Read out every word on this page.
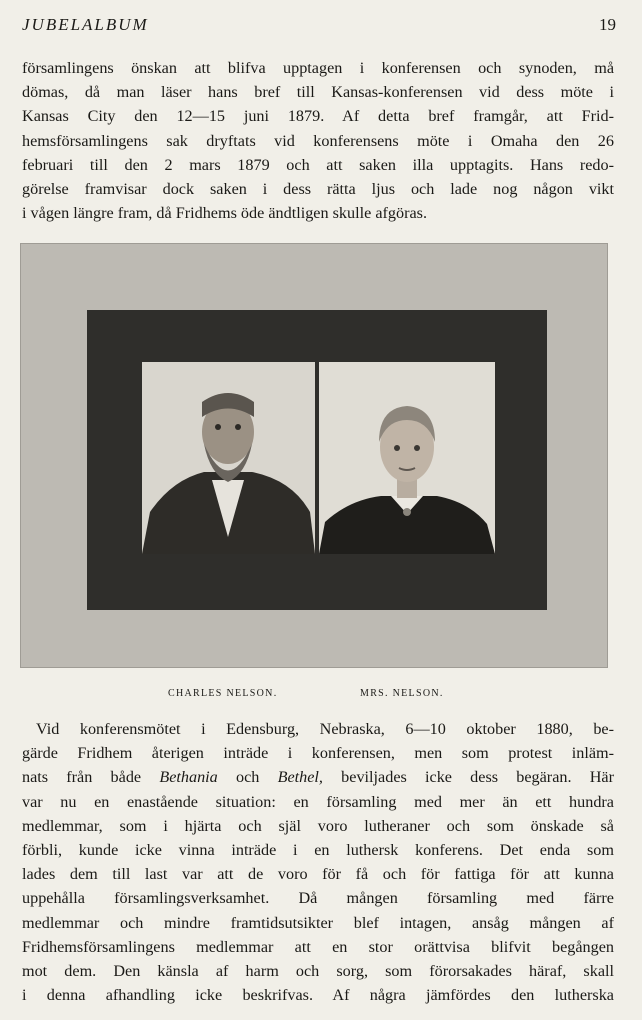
JUBELALBUM	19
församlingens önskan att blifva upptagen i konferensen och synoden, må
dömas, då man läser hans bref till Kansas-konferensen vid dess möte i
Kansas City den 12—15 juni 1879. Af detta bref framgår, att Frid-
hemsförsamlingens sak dryftats vid konferensens möte i Omaha den 26
februari till den 2 mars 1879 och att saken illa upptagits. Hans redo-
görelse framvisar dock saken i dess rätta ljus och lade nog någon vikt
i vågen längre fram, då Fridhems öde ändtligen skulle afgöras.
CHARLES NELSON.	MRS. NELSON.
Vid konferensmötet i Edensburg, Nebraska, 6—10 oktober 1880, be-
gärde Fridhem återigen inträde i konferensen, men som protest inläm-
nats från både Bethania och Bethel, beviljades icke dess begäran. Här
var nu en enastående situation: en församling med mer än ett hundra
medlemmar, som i hjärta och själ voro lutheraner och som önskade så
förbli, kunde icke vinna inträde i en luthersk konferens. Det enda som
lades dem till last var att de voro för få och för fattiga för att kunna
uppehålla församlingsverksamhet. Då mången församling med färre
medlemmar och mindre framtidsutsikter blef intagen, ansåg mången af
Fridhemsförsamlingens medlemmar att en stor orättvisa blifvit begången
mot dem. Den känsla af harm och sorg, som förorsakades häraf, skall
i denna afhandling icke beskrifvas. Af några jämfördes den lutherska
